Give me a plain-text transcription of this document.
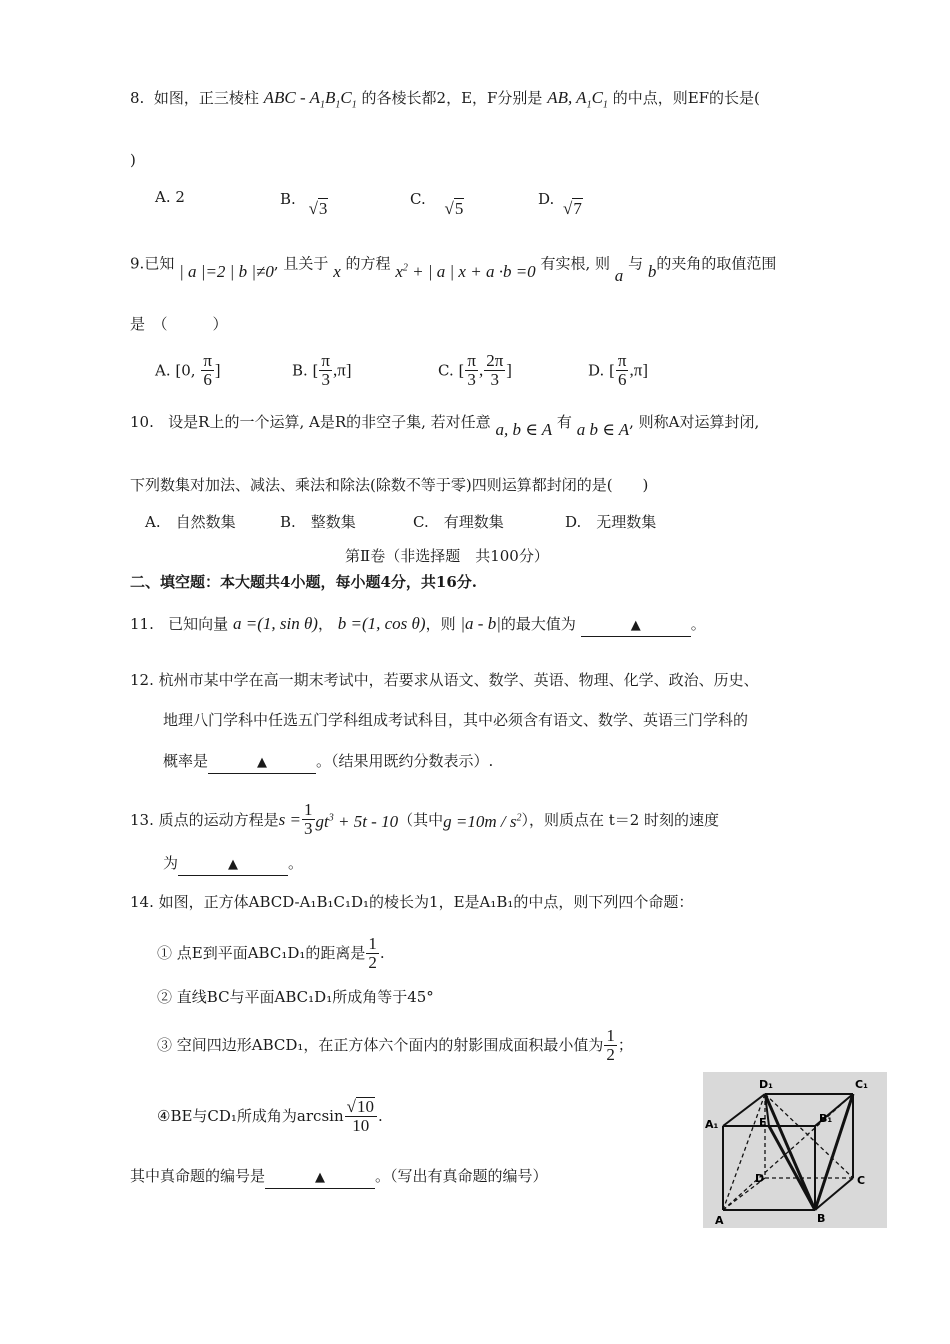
8. 如图，正三棱柱 ABC - $A_1B_1C_1$ 的各棱长都2，E，F分别是 AB, $A_1C_1$ 的中点，则EF的长是(
)
A. 2	B. √ 3	C. √ 5	D. √ 7
9.已知 | a |=2 | b |≠0, 且关于 x 的方程 $x^2$ + | a | x + a ·b =0 有实根, 则 a 与 b的夹角的取值范围
是　（　　　）
A. [0, $\frac{\pi}{6}$ ]	B. [ $\frac{\pi}{3} ,\pi$]	C. [ $\frac{\pi}{3}$ , $\frac{2\pi}{3}$ ]	D. [ $\frac{\pi}{6} ,\pi$]
10. 设是R上的一个运算, A是R的非空子集, 若对任意 a, b ∈ A 有 a b ∈ A, 则称A对运算封闭,
下列数集对加法、减法、乘法和除法(除数不等于零)四则运算都封闭的是(　　)
A.　自然数集	B.　整数集	C.　有理数集	D.　无理数集
第Ⅱ卷（非选择题　共100分）
二、填空题：本大题共4小题，每小题4分，共16分.
11. 已知向量 a =(1, sin θ)， b =(1, cos θ)，则 |a - b|的最大值为	▲	。
12. 杭州市某中学在高一期末考试中，若要求从语文、数学、英语、物理、化学、政治、历史、
地理八门学科中任选五门学科组成考试科目，其中必须含有语文、数学、英语三门学科的
概率是	▲	。（结果用既约分数表示）.
13. 质点的运动方程是$s = \frac{1}{3} gt^3 + 5t - 10$（其中$g =10m / s^2$），则质点在 t＝2 时刻的速度
为	▲	。
14. 如图，正方体ABCD-A₁B₁C₁D₁的棱长为1，E是A₁B₁的中点，则下列四个命题：
① 点E到平面ABC₁D₁的距离是 $\frac{1}{2}$ .
② 直线BC与平面ABC₁D₁所成角等于45°
③ 空间四边形ABCD₁，在正方体六个面内的射影围成面积最小值为 $\frac{1}{2}$ ；
④BE与CD₁所成角为$\arcsin \frac{√ 10}{10}$ .
其中真命题的编号是	▲	。（写出有真命题的编号）
D₁	C₁
A₁	B₁
E
D	C
A	B
